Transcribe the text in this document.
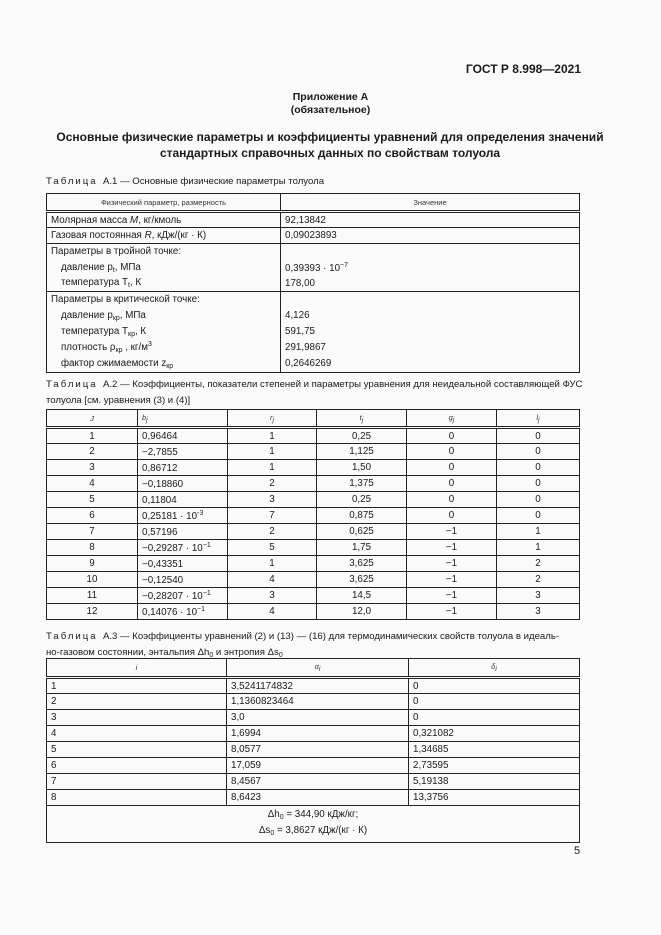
ГОСТ Р 8.998—2021
Приложение А
(обязательное)
Основные физические параметры и коэффициенты уравнений для определения значений
стандартных справочных данных по свойствам толуола
Таблица А.1 — Основные физические параметры толуола
Физический параметр, размерность	Значение
Молярная масса M, кг/кмоль	92,13842
Газовая постоянная R, кДж/(кг · К)	0,09023893
Параметры в тройной точке:	
давление $p_t$, МПа	$0,39393 \cdot 10^{-7}$
температура $T_t$, К	178,00
Параметры в критической точке:	
давление $p_{кр}$, МПа	4,126
температура $T_{кр}$, К	591,75
плотность $\rho_{кр}$ , $кг/м^3$	291,9867
фактор сжимаемости $z_{кр}$	0,2646269
Таблица А.2 — Коэффициенты, показатели степеней и параметры уравнения для неидеальной составляющей ФУС толуола [см. уравнения (3) и (4)]
J	$b_j$	$r_j$	$t_j$	$g_j$	$l_j$
1	0,96464	1	0,25	0	0
2	−2,7855	1	1,125	0	0
3	0,86712	1	1,50	0	0
4	−0,18860	2	1,375	0	0
5	0,11804	3	0,25	0	0
6	$0,25181 \cdot 10^{-3}$	7	0,875	0	0
7	0,57196	2	0,625	−1	1
8	$-0,29287 \cdot 10^{-1}$	5	1,75	−1	1
9	−0,43351	1	3,625	−1	2
10	−0,12540	4	3,625	−1	2
11	$-0,28207 \cdot 10^{-1}$	3	14,5	−1	3
12	$0,14076 \cdot 10^{-1}$	4	12,0	−1	3
Таблица А.3 — Коэффициенты уравнений (2) и (13) — (16) для термодинамических свойств толуола в идеаль-
но-газовом состоянии, энтальпия $\Delta h_0$ и энтропия $\Delta s_0$
i	$\alpha_i$	$\delta_i$
1	3,5241174832	0
2	1,1360823464	0
3	3,0	0
4	1,6994	0,321082
5	8,0577	1,34685
6	17,059	2,73595
7	8,4567	5,19138
8	8,6423	13,3756

$\Delta h_0 = 344,90$ кДж/кг;
$\Delta s_0 = 3,8627$ кДж/(кг · К)		
5
